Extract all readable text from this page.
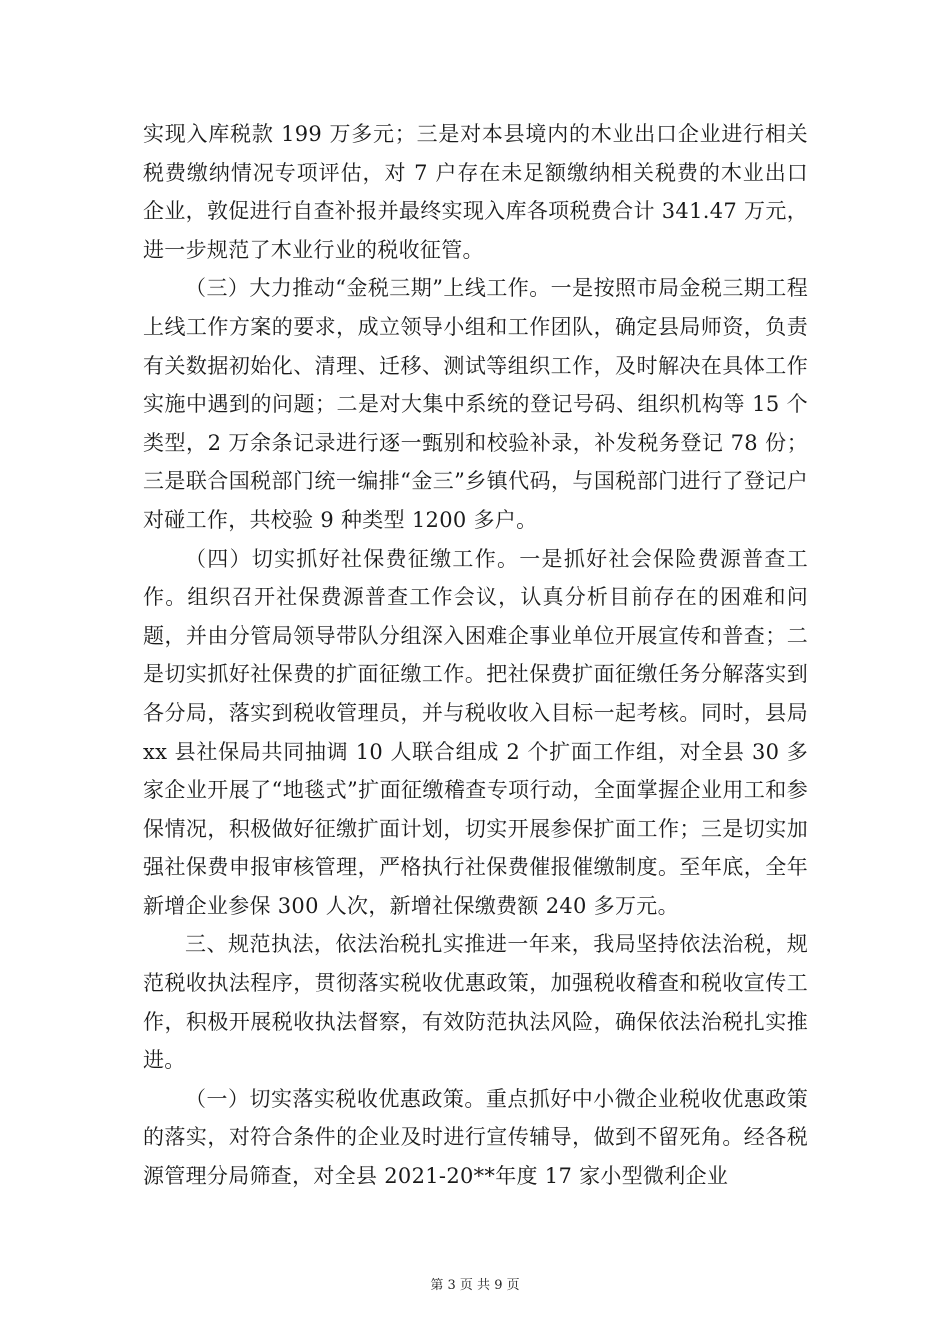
实现入库税款 199 万多元；三是对本县境内的木业出口企业进行相关税费缴纳情况专项评估，对 7 户存在未足额缴纳相关税费的木业出口企业，敦促进行自查补报并最终实现入库各项税费合计 341.47 万元，进一步规范了木业行业的税收征管。

（三）大力推动“金税三期”上线工作。一是按照市局金税三期工程上线工作方案的要求，成立领导小组和工作团队，确定县局师资，负责有关数据初始化、清理、迁移、测试等组织工作，及时解决在具体工作实施中遇到的问题；二是对大集中系统的登记号码、组织机构等 15 个类型，2 万余条记录进行逐一甄别和校验补录，补发税务登记 78 份；三是联合国税部门统一编排“金三”乡镇代码，与国税部门进行了登记户对碰工作，共校验 9 种类型 1200 多户。

（四）切实抓好社保费征缴工作。一是抓好社会保险费源普查工作。组织召开社保费源普查工作会议，认真分析目前存在的困难和问题，并由分管局领导带队分组深入困难企事业单位开展宣传和普查；二是切实抓好社保费的扩面征缴工作。把社保费扩面征缴任务分解落实到各分局，落实到税收管理员，并与税收收入目标一起考核。同时，县局 xx 县社保局共同抽调 10 人联合组成 2 个扩面工作组，对全县 30 多家企业开展了“地毯式”扩面征缴稽查专项行动，全面掌握企业用工和参保情况，积极做好征缴扩面计划，切实开展参保扩面工作；三是切实加强社保费申报审核管理，严格执行社保费催报催缴制度。至年底，全年新增企业参保 300 人次，新增社保缴费额 240 多万元。

三、规范执法，依法治税扎实推进一年来，我局坚持依法治税，规范税收执法程序，贯彻落实税收优惠政策，加强税收稽查和税收宣传工作，积极开展税收执法督察，有效防范执法风险，确保依法治税扎实推进。

（一）切实落实税收优惠政策。重点抓好中小微企业税收优惠政策的落实，对符合条件的企业及时进行宣传辅导，做到不留死角。经各税源管理分局筛查，对全县 2021-20**年度 17 家小型微利企业

第 3 页 共 9 页
